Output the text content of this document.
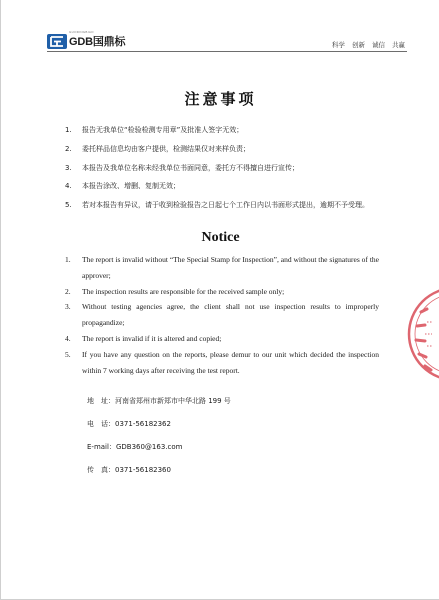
GDB国鼎标
GUODINGBIAO
科学 创新 诚信 共赢
注意事项
1. 报告无我单位“检验检测专用章”及批准人签字无效；
2. 委托样品信息均由客户提供，检测结果仅对来样负责；
3. 本报告及我单位名称未经我单位书面同意，委托方不得擅自进行宣传；
4. 本报告涂改、增删、复制无效；
5. 若对本报告有异议，请于收到检验报告之日起七个工作日内以书面形式提出，逾期不予受理。
Notice
1. The report is invalid without “The Special Stamp for Inspection”, and without the signatures of the approver;
2. The inspection results are responsible for the received sample only;
3. Without testing agencies agree, the client shall not use inspection results to improperly propagandize;
4. The report is invalid if it is altered and copied;
5. If you have any question on the reports, please demur to our unit which decided the inspection within 7 working days after receiving the test report.
地　址：河南省郑州市新郑市中华北路 199 号
电　话：0371-56182362
E-mail：GDB360@163.com
传　真：0371-56182360
